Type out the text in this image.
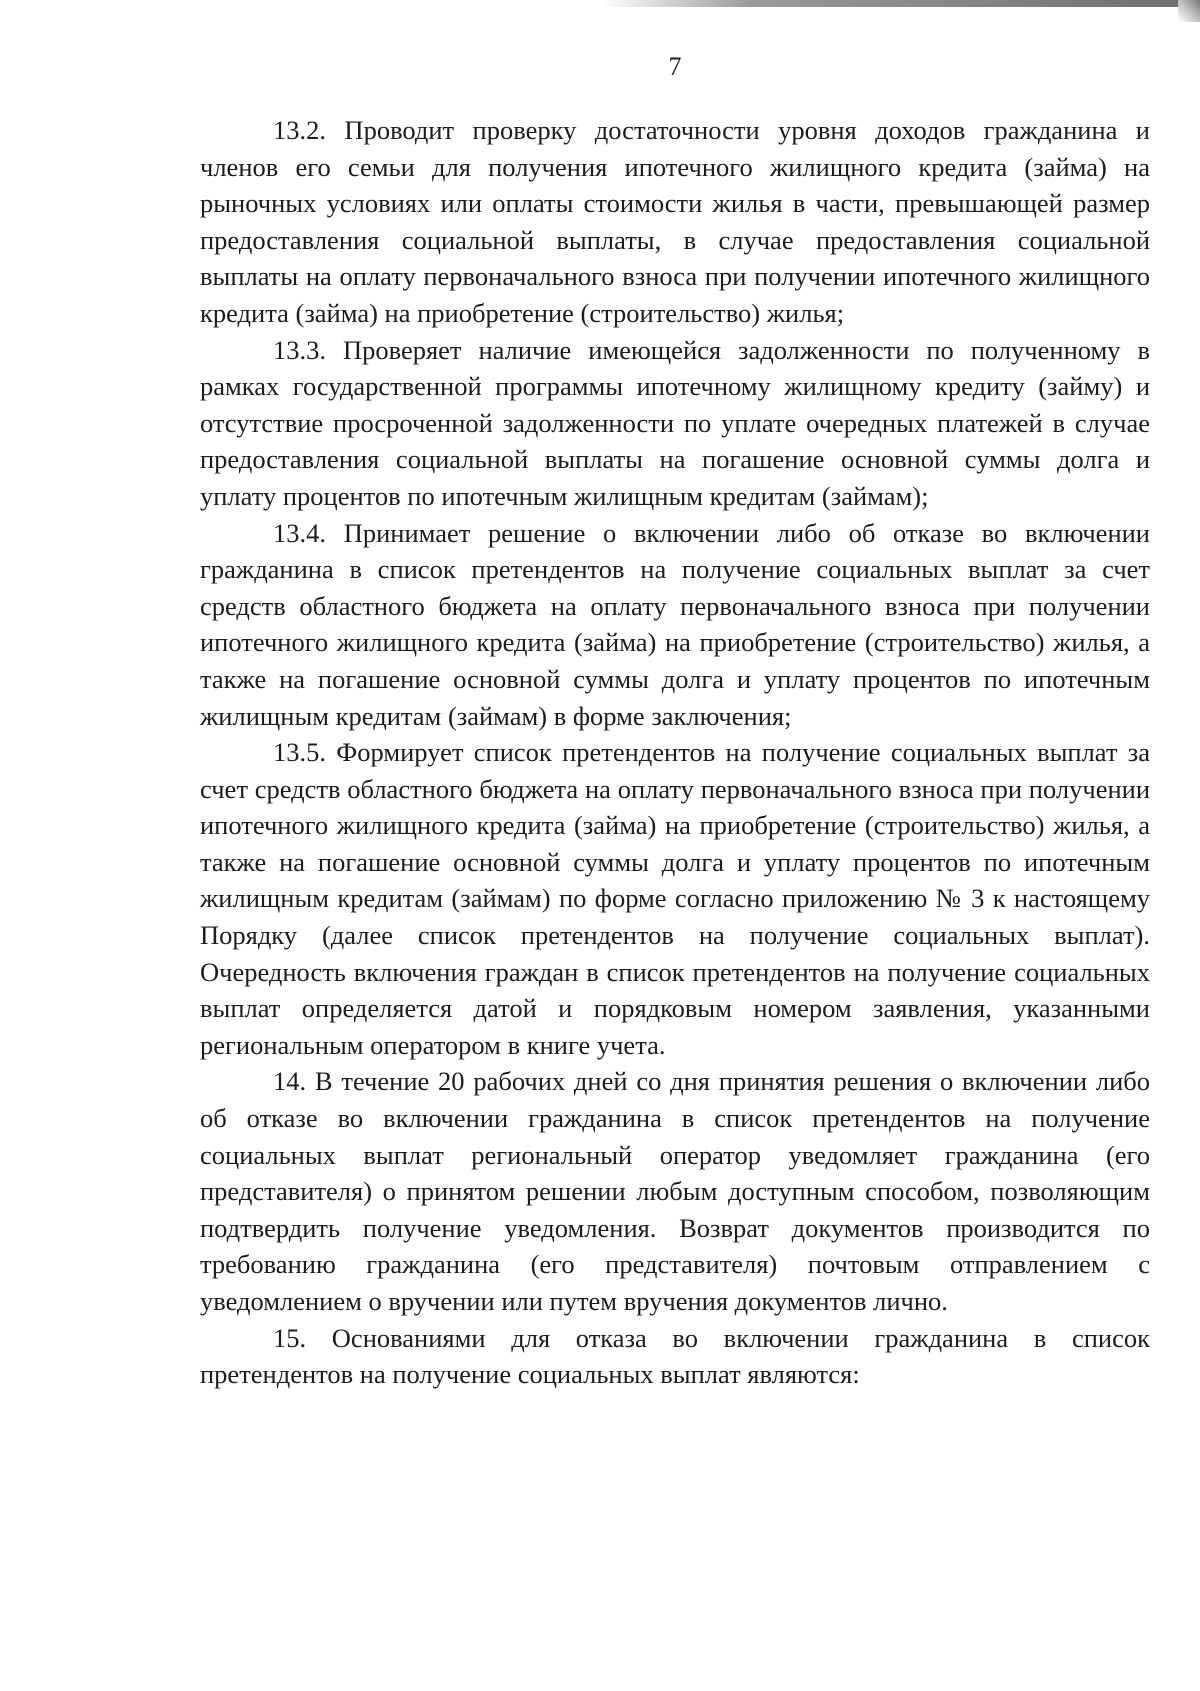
7

13.2. Проводит проверку достаточности уровня доходов гражданина и членов его семьи для получения ипотечного жилищного кредита (займа) на рыночных условиях или оплаты стоимости жилья в части, превышающей размер предоставления социальной выплаты, в случае предоставления социальной выплаты на оплату первоначального взноса при получении ипотечного жилищного кредита (займа) на приобретение (строительство) жилья;

13.3. Проверяет наличие имеющейся задолженности по полученному в рамках государственной программы ипотечному жилищному кредиту (займу) и отсутствие просроченной задолженности по уплате очередных платежей в случае предоставления социальной выплаты на погашение основной суммы долга и уплату процентов по ипотечным жилищным кредитам (займам);

13.4. Принимает решение о включении либо об отказе во включении гражданина в список претендентов на получение социальных выплат за счет средств областного бюджета на оплату первоначального взноса при получении ипотечного жилищного кредита (займа) на приобретение (строительство) жилья, а также на погашение основной суммы долга и уплату процентов по ипотечным жилищным кредитам (займам) в форме заключения;

13.5. Формирует список претендентов на получение социальных выплат за счет средств областного бюджета на оплату первоначального взноса при получении ипотечного жилищного кредита (займа) на приобретение (строительство) жилья, а также на погашение основной суммы долга и уплату процентов по ипотечным жилищным кредитам (займам) по форме согласно приложению № 3 к настоящему Порядку (далее список претендентов на получение социальных выплат). Очередность включения граждан в список претендентов на получение социальных выплат определяется датой и порядковым номером заявления, указанными региональным оператором в книге учета.

14. В течение 20 рабочих дней со дня принятия решения о включении либо об отказе во включении гражданина в список претендентов на получение социальных выплат региональный оператор уведомляет гражданина (его представителя) о принятом решении любым доступным способом, позволяющим подтвердить получение уведомления. Возврат документов производится по требованию гражданина (его представителя) почтовым отправлением с уведомлением о вручении или путем вручения документов лично.

15. Основаниями для отказа во включении гражданина в список претендентов на получение социальных выплат являются:
